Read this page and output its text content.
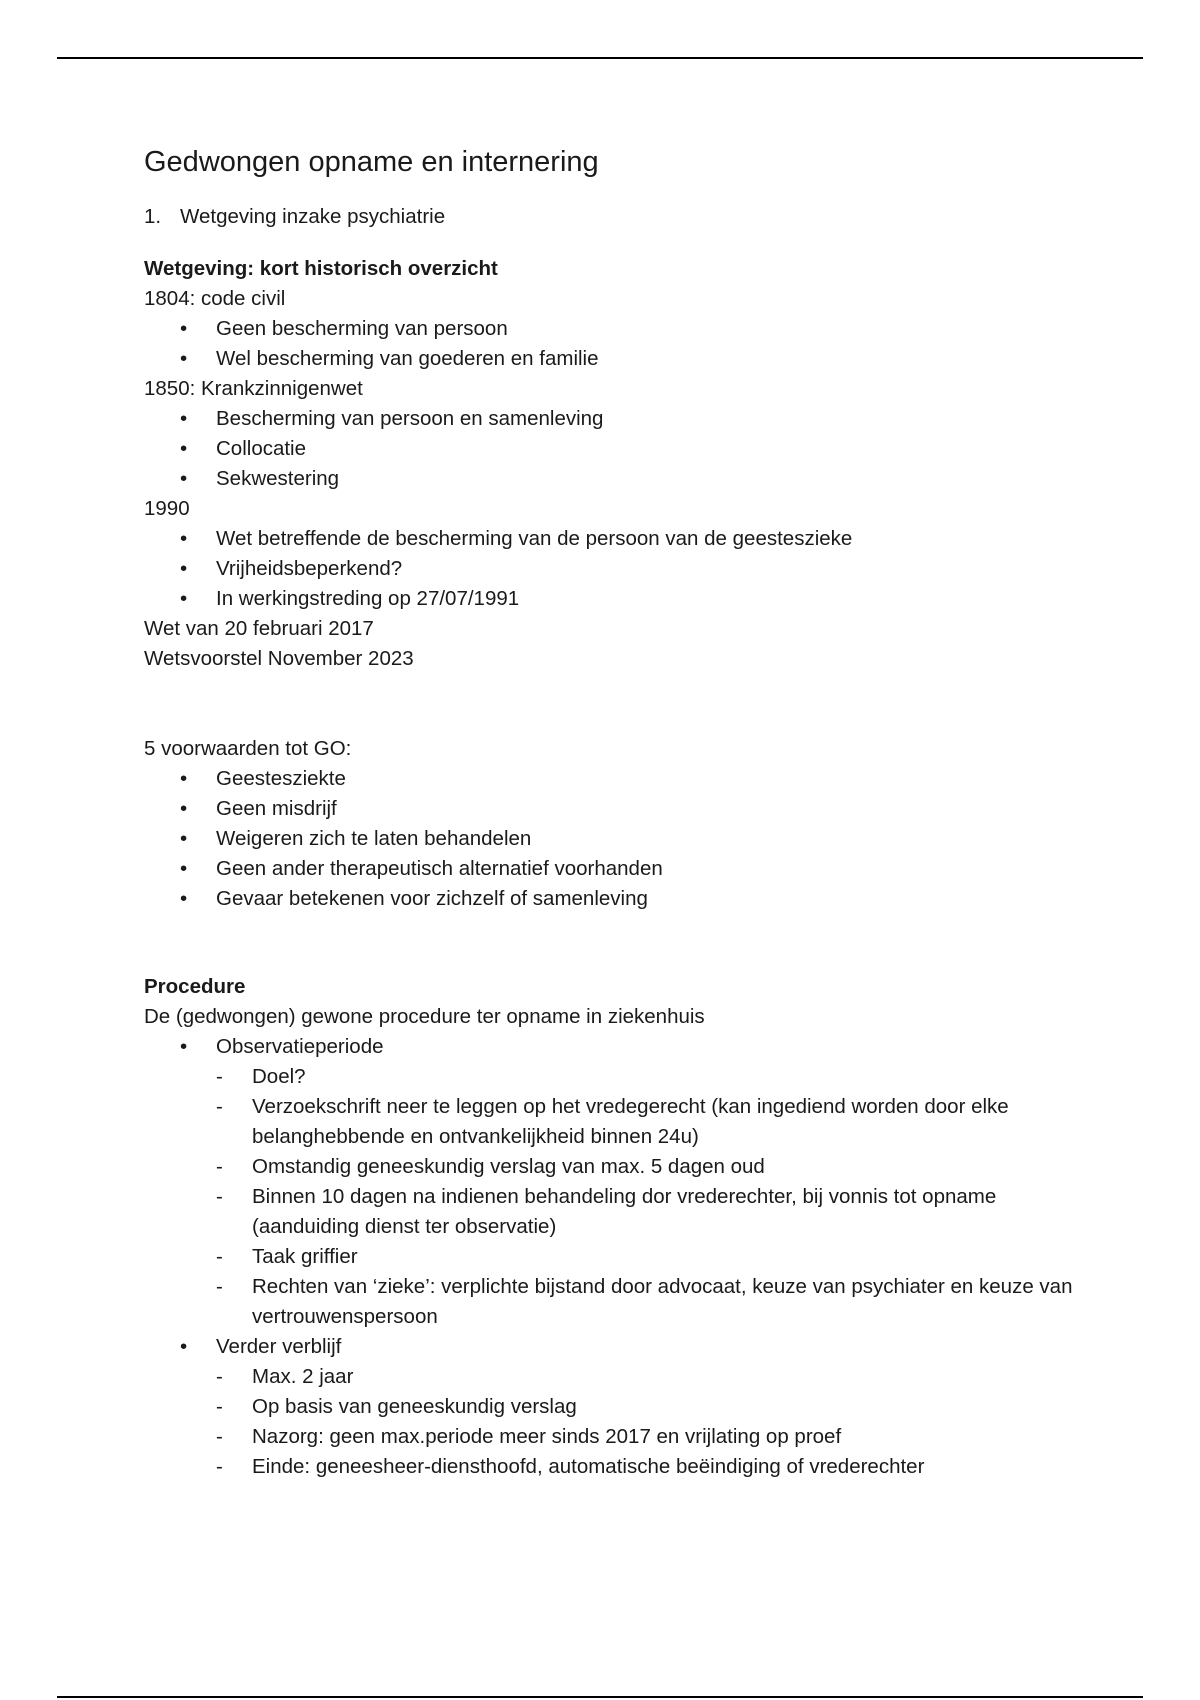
Gedwongen opname en internering
1. Wetgeving inzake psychiatrie

Wetgeving: kort historisch overzicht

1804: code civil

• Geen bescherming van persoon
• Wel bescherming van goederen en familie

1850: Krankzinnigenwet

• Bescherming van persoon en samenleving
• Collocatie
• Sekwestering

1990

• Wet betreffende de bescherming van de persoon van de geesteszieke
• Vrijheidsbeperkend?
• In werkingstreding op 27/07/1991

Wet van 20 februari 2017

Wetsvoorstel November 2023

5 voorwaarden tot GO:

• Geestesziekte
• Geen misdrijf
• Weigeren zich te laten behandelen
• Geen ander therapeutisch alternatief voorhanden
• Gevaar betekenen voor zichzelf of samenleving

Procedure

De (gedwongen) gewone procedure ter opname in ziekenhuis

• Observatieperiode
- Doel?
- Verzoekschrift neer te leggen op het vredegerecht (kan ingediend worden door elke belanghebbende en ontvankelijkheid binnen 24u)
- Omstandig geneeskundig verslag van max. 5 dagen oud
- Binnen 10 dagen na indienen behandeling dor vrederechter, bij vonnis tot opname (aanduiding dienst ter observatie)
- Taak griffier
- Rechten van ‘zieke’: verplichte bijstand door advocaat, keuze van psychiater en keuze van vertrouwenspersoon
• Verder verblijf
- Max. 2 jaar
- Op basis van geneeskundig verslag
- Nazorg: geen max.periode meer sinds 2017 en vrijlating op proef
- Einde: geneesheer-diensthoofd, automatische beëindiging of vrederechter
